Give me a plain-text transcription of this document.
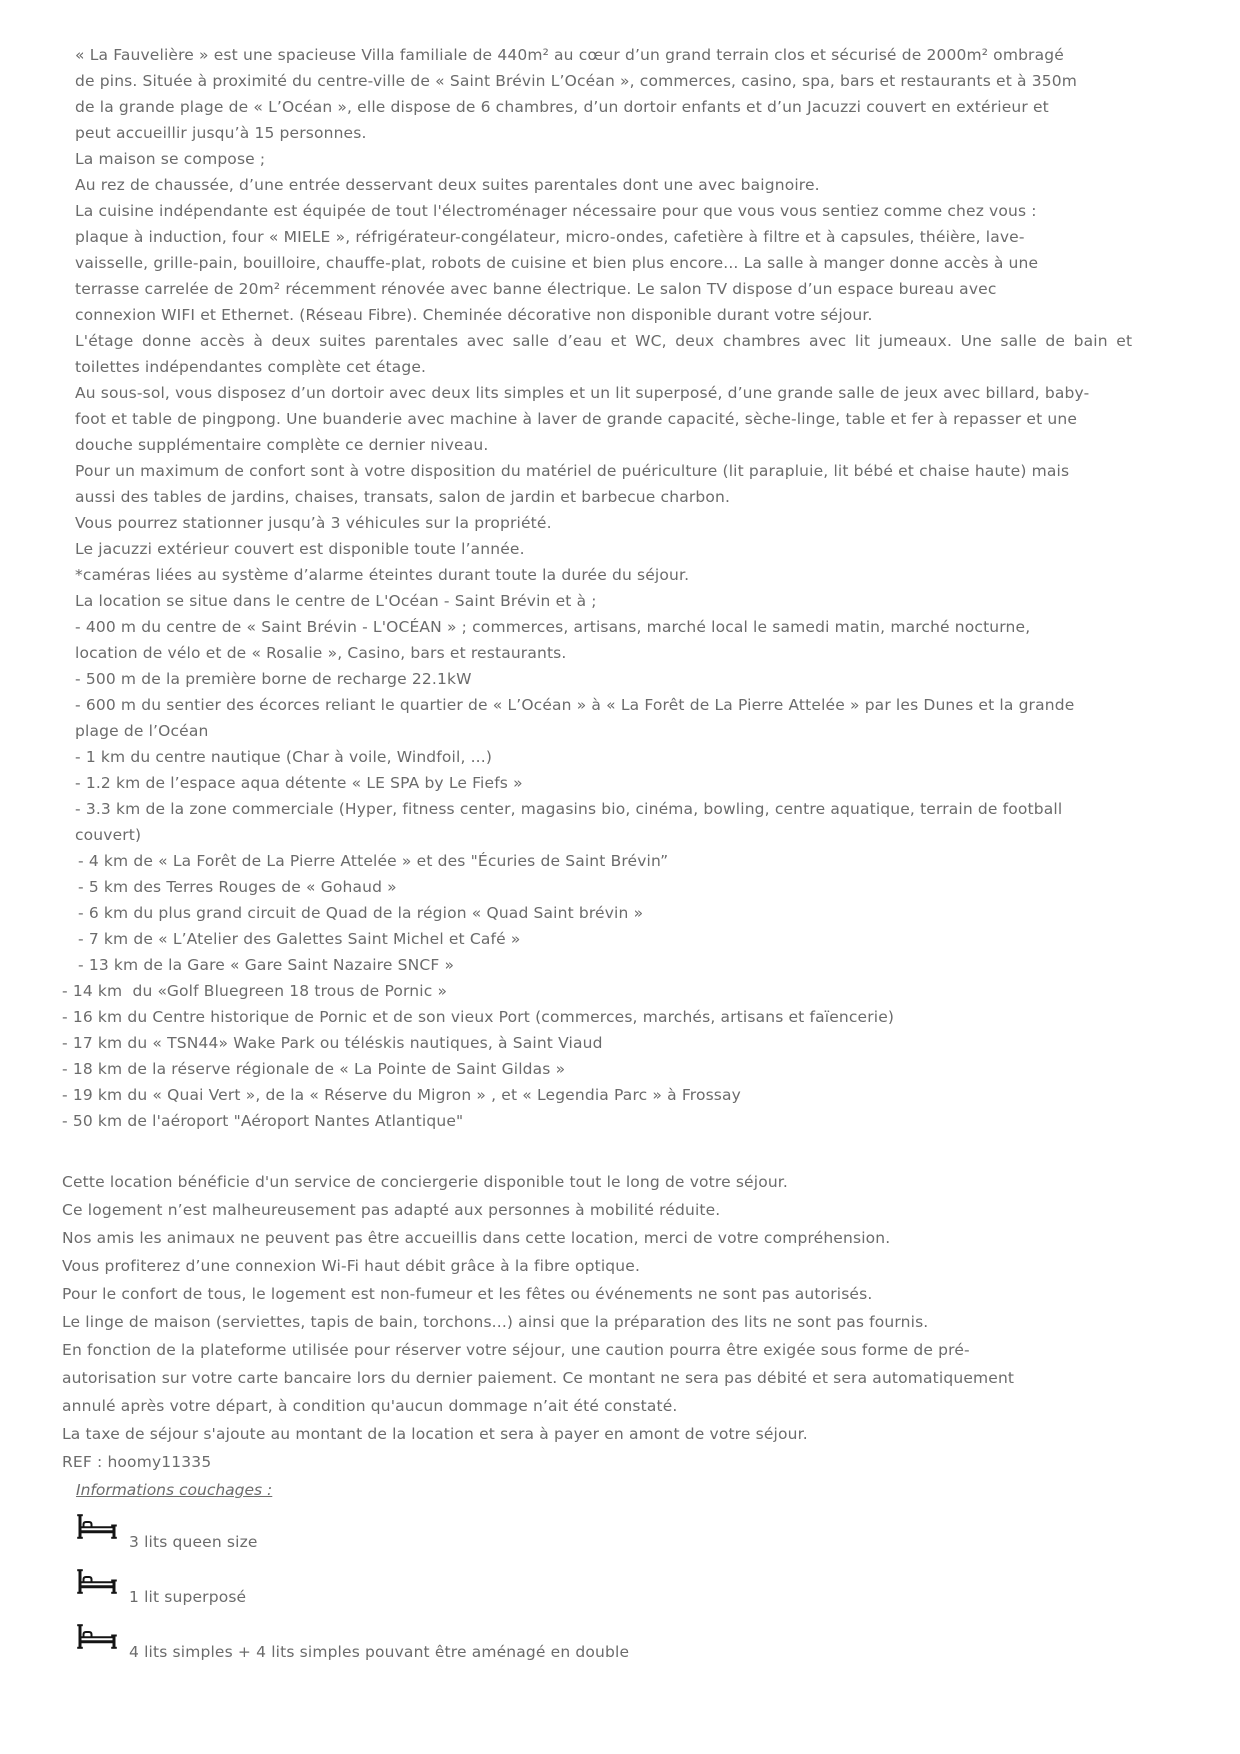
« La Fauvelière » est une spacieuse Villa familiale de 440m² au cœur d’un grand terrain clos et sécurisé de 2000m² ombragé
de pins. Située à proximité du centre-ville de « Saint Brévin L’Océan », commerces, casino, spa, bars et restaurants et à 350m
de la grande plage de « L’Océan », elle dispose de 6 chambres, d’un dortoir enfants et d’un Jacuzzi couvert en extérieur et
peut accueillir jusqu’à 15 personnes.
La maison se compose ;
Au rez de chaussée, d’une entrée desservant deux suites parentales dont une avec baignoire.
La cuisine indépendante est équipée de tout l'électroménager nécessaire pour que vous vous sentiez comme chez vous :
plaque à induction, four « MIELE », réfrigérateur-congélateur, micro-ondes, cafetière à filtre et à capsules, théière, lave-
vaisselle, grille-pain, bouilloire, chauffe-plat, robots de cuisine et bien plus encore... La salle à manger donne accès à une
terrasse carrelée de 20m² récemment rénovée avec banne électrique. Le salon TV dispose d’un espace bureau avec
connexion WIFI et Ethernet. (Réseau Fibre). Cheminée décorative non disponible durant votre séjour.
L'étage donne accès à deux suites parentales avec salle d’eau et WC, deux chambres avec lit jumeaux. Une salle de bain et
toilettes indépendantes complète cet étage.
Au sous-sol, vous disposez d’un dortoir avec deux lits simples et un lit superposé, d’une grande salle de jeux avec billard, baby-
foot et table de pingpong. Une buanderie avec machine à laver de grande capacité, sèche-linge, table et fer à repasser et une
douche supplémentaire complète ce dernier niveau.
Pour un maximum de confort sont à votre disposition du matériel de puériculture (lit parapluie, lit bébé et chaise haute) mais
aussi des tables de jardins, chaises, transats, salon de jardin et barbecue charbon.
Vous pourrez stationner jusqu’à 3 véhicules sur la propriété.
Le jacuzzi extérieur couvert est disponible toute l’année.
*caméras liées au système d’alarme éteintes durant toute la durée du séjour.
La location se situe dans le centre de L'Océan - Saint Brévin et à ;
- 400 m du centre de « Saint Brévin - L'OCÉAN » ; commerces, artisans, marché local le samedi matin, marché nocturne,
location de vélo et de « Rosalie », Casino, bars et restaurants.
- 500 m de la première borne de recharge 22.1kW
- 600 m du sentier des écorces reliant le quartier de « L’Océan » à « La Forêt de La Pierre Attelée » par les Dunes et la grande
plage de l’Océan
- 1 km du centre nautique (Char à voile, Windfoil, ...)
- 1.2 km de l’espace aqua détente « LE SPA by Le Fiefs »
- 3.3 km de la zone commerciale (Hyper, fitness center, magasins bio, cinéma, bowling, centre aquatique, terrain de football
couvert)
- 4 km de « La Forêt de La Pierre Attelée » et des "Écuries de Saint Brévin”
- 5 km des Terres Rouges de « Gohaud »
- 6 km du plus grand circuit de Quad de la région « Quad Saint brévin »
- 7 km de « L’Atelier des Galettes Saint Michel et Café »
- 13 km de la Gare « Gare Saint Nazaire SNCF »
- 14 km  du «Golf Bluegreen 18 trous de Pornic »
- 16 km du Centre historique de Pornic et de son vieux Port (commerces, marchés, artisans et faïencerie)
- 17 km du « TSN44» Wake Park ou téléskis nautiques, à Saint Viaud
- 18 km de la réserve régionale de « La Pointe de Saint Gildas »
- 19 km du « Quai Vert », de la « Réserve du Migron » , et « Legendia Parc » à Frossay
- 50 km de l'aéroport "Aéroport Nantes Atlantique"
Cette location bénéficie d'un service de conciergerie disponible tout le long de votre séjour.
Ce logement n’est malheureusement pas adapté aux personnes à mobilité réduite.
Nos amis les animaux ne peuvent pas être accueillis dans cette location, merci de votre compréhension.
Vous profiterez d’une connexion Wi-Fi haut débit grâce à la fibre optique.
Pour le confort de tous, le logement est non-fumeur et les fêtes ou événements ne sont pas autorisés.
Le linge de maison (serviettes, tapis de bain, torchons...) ainsi que la préparation des lits ne sont pas fournis.
En fonction de la plateforme utilisée pour réserver votre séjour, une caution pourra être exigée sous forme de pré-
autorisation sur votre carte bancaire lors du dernier paiement. Ce montant ne sera pas débité et sera automatiquement
annulé après votre départ, à condition qu'aucun dommage n’ait été constaté.
La taxe de séjour s'ajoute au montant de la location et sera à payer en amont de votre séjour.
REF : hoomy11335
Informations couchages :
3 lits queen size
1 lit superposé
4 lits simples + 4 lits simples pouvant être aménagé en double
